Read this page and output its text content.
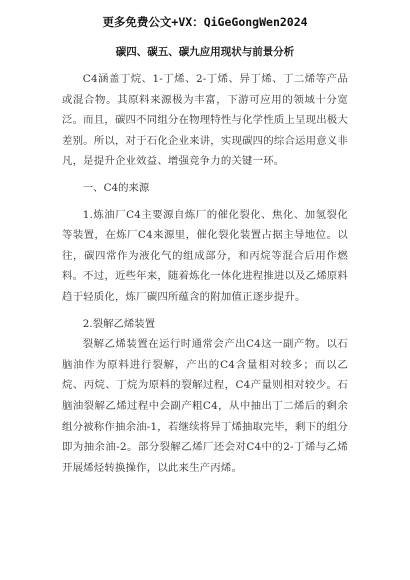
更多免费公文+VX：QiGeGongWen2024
碳四、碳五、碳九应用现状与前景分析

C4涵盖丁烷、1-丁烯、2-丁烯、异丁烯、丁二烯等产品或混合物。其原料来源极为丰富，下游可应用的领域十分宽泛。而且，碳四不同组分在物理特性与化学性质上呈现出极大差别。所以，对于石化企业来讲，实现碳四的综合运用意义非凡，是提升企业效益、增强竞争力的关键一环。

一、C4的来源

1.炼油厂C4主要源自炼厂的催化裂化、焦化、加氢裂化等装置，在炼厂C4来源里，催化裂化装置占据主导地位。以往，碳四常作为液化气的组成部分，和丙烷等混合后用作燃料。不过，近些年来，随着炼化一体化进程推进以及乙烯原料趋于轻质化，炼厂碳四所蕴含的附加值正逐步提升。

2.裂解乙烯装置

裂解乙烯装置在运行时通常会产出C4这一副产物。以石脑油作为原料进行裂解，产出的C4含量相对较多；而以乙烷、丙烷、丁烷为原料的裂解过程，C4产量则相对较少。石脑油裂解乙烯过程中会副产粗C4，从中抽出丁二烯后的剩余组分被称作抽余油-1，若继续将异丁烯抽取完毕，剩下的组分即为抽余油-2。部分裂解乙烯厂还会对C4中的2-丁烯与乙烯开展烯烃转换操作，以此来生产丙烯。
